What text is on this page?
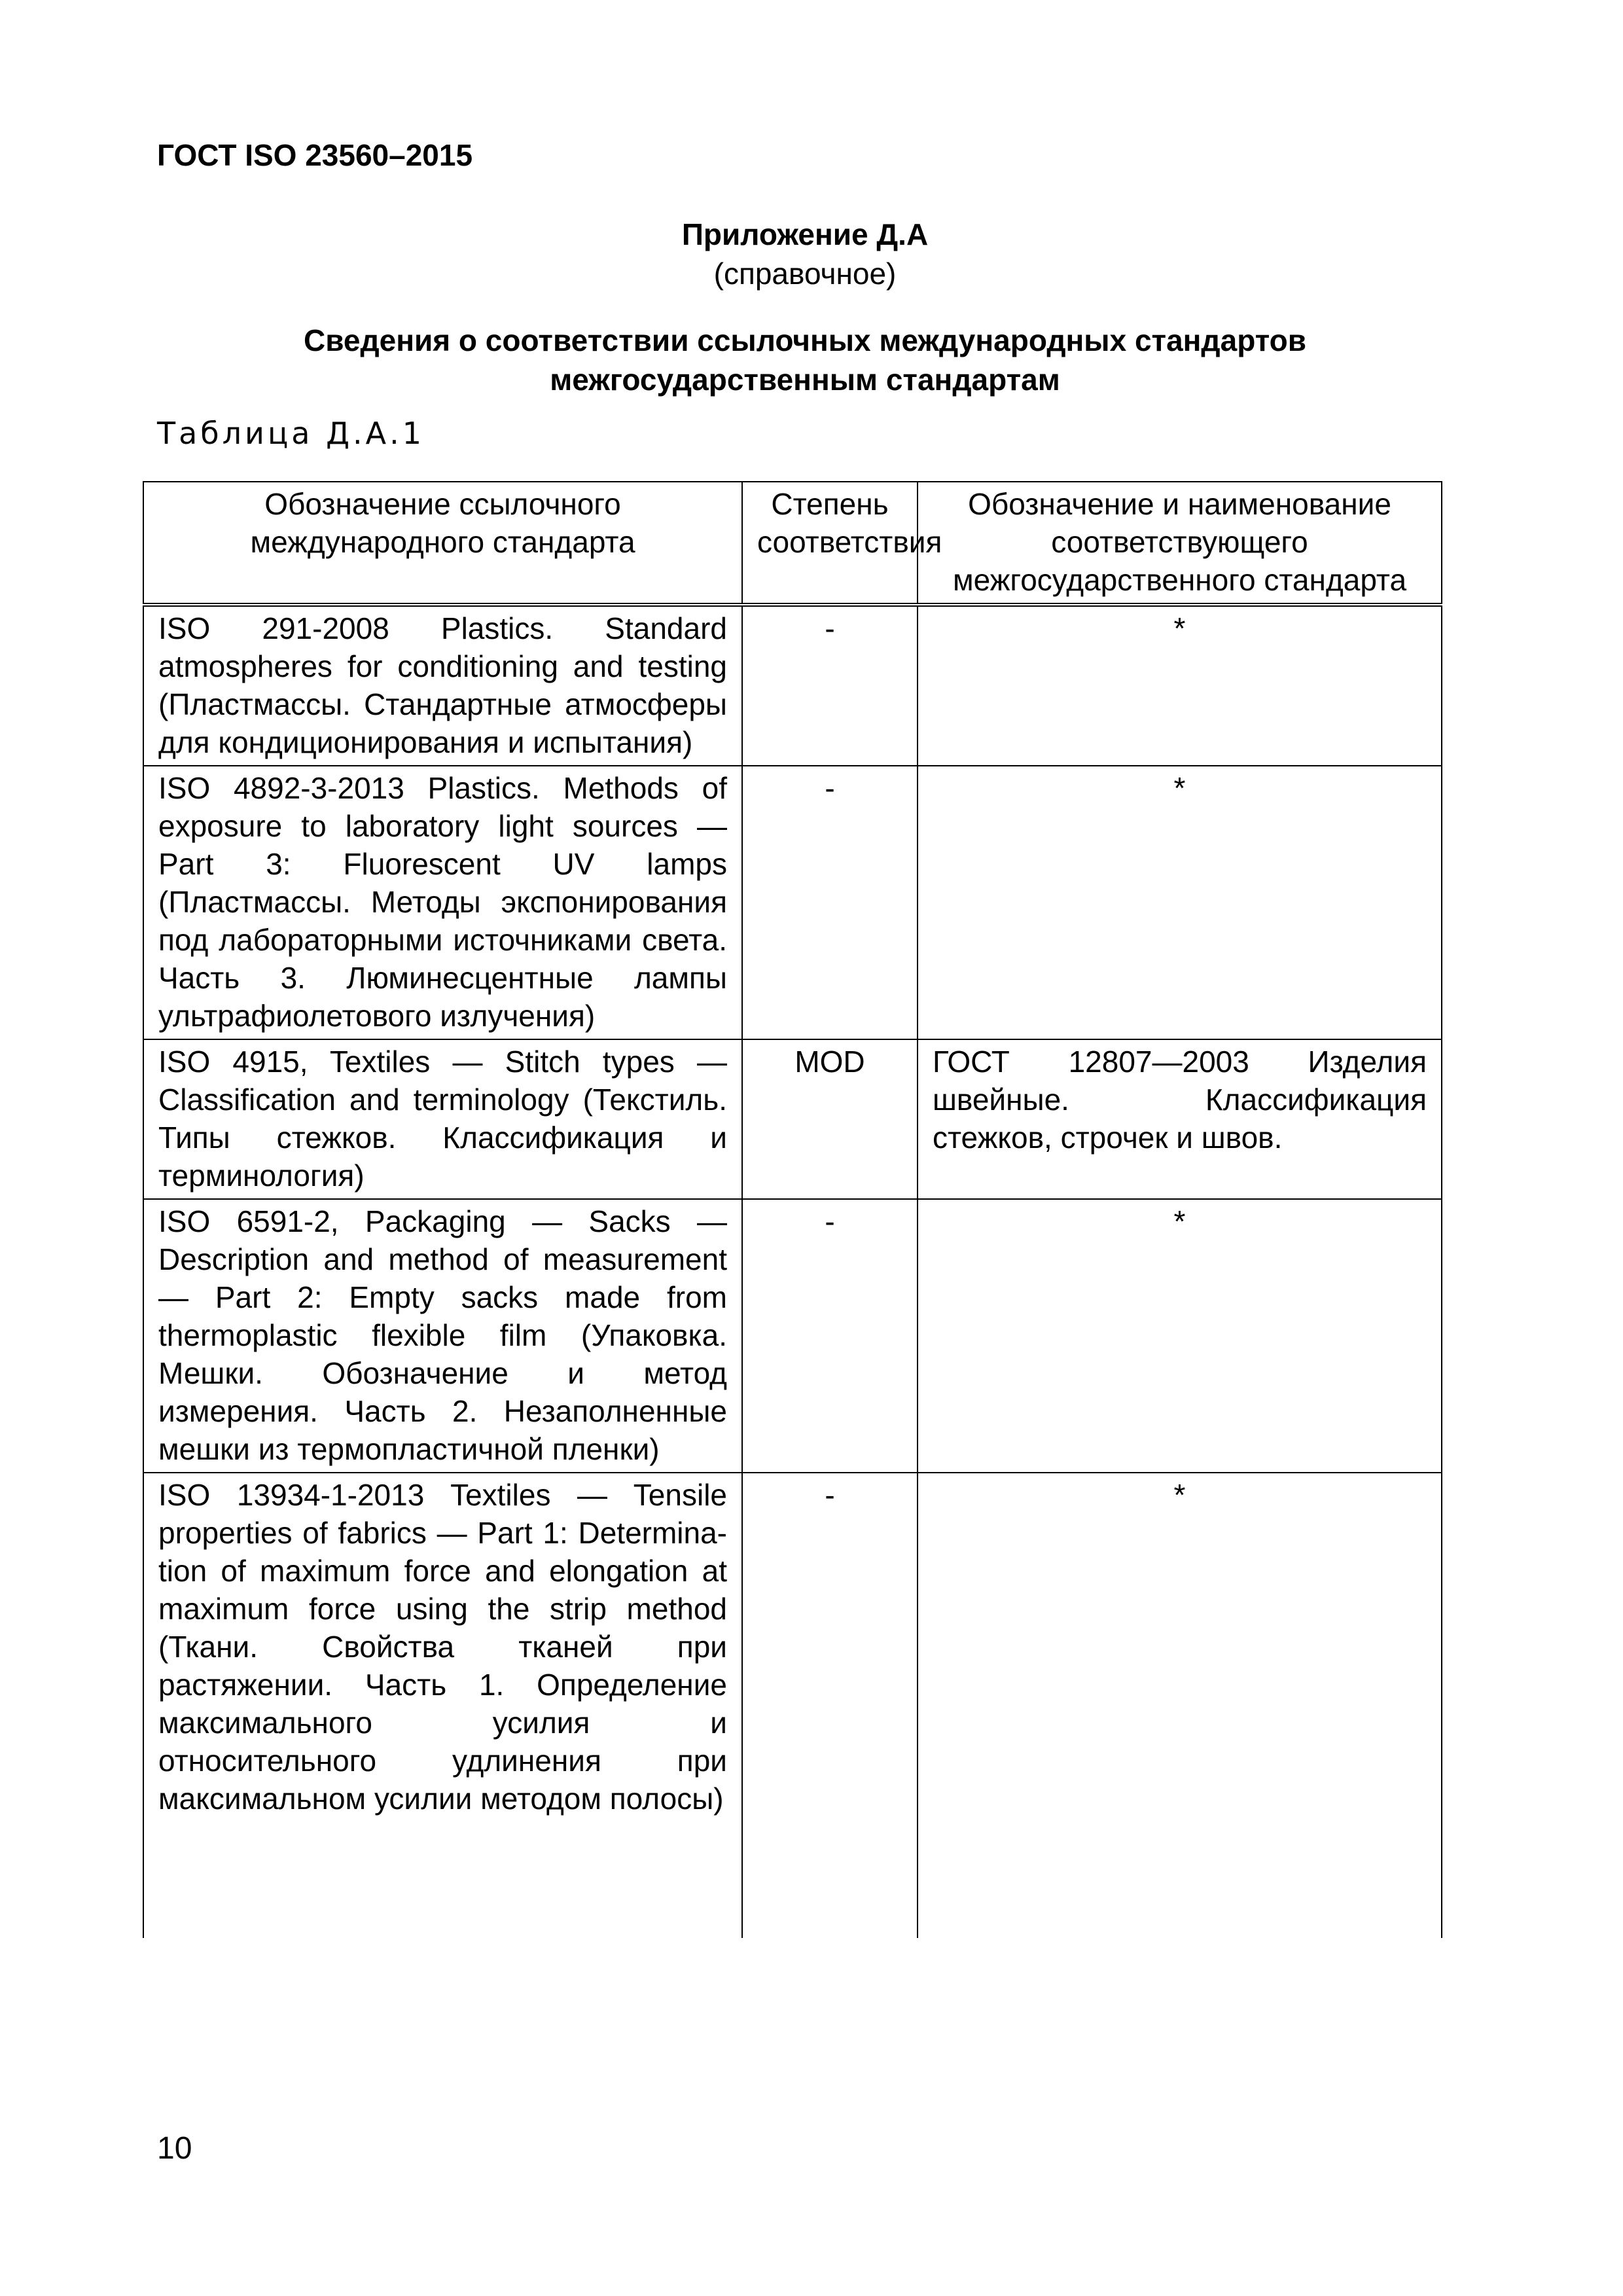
ГОСТ ISO 23560–2015
Приложение Д.А
(справочное)
Сведения о соответствии ссылочных международных стандартов межгосударственным стандартам
Таблица Д.А.1
Обозначение ссылочного международного стандарта	Степень соответствия	Обозначение и наименование соответствующего межгосударственного стандарта
ISO 291-2008 Plastics. Standard atmospheres for conditioning and testing (Пластмассы. Стандартные атмосферы для кондиционирования и испытания)	-	*
ISO 4892-3-2013 Plastics. Methods of exposure to laboratory light sources — Part 3: Fluorescent UV lamps (Пластмассы. Методы экспонирования под лабораторными источниками света. Часть 3. Люминесцентные лампы ультрафиолетового излучения)	-	*
ISO 4915, Textiles — Stitch types — Classification and terminology (Текстиль. Типы стежков. Классификация и терминология)	MOD	ГОСТ 12807—2003 Изделия швейные. Классификация стежков, строчек и швов.
ISO 6591-2, Packaging — Sacks — Description and method of measurement — Part 2: Empty sacks made from thermoplastic flexible film (Упаковка. Мешки. Обозначение и метод измерения. Часть 2. Незаполненные мешки из термопластичной пленки)	-	*
ISO 13934-1-2013 Textiles — Tensile properties of fabrics — Part 1: Determina-tion of maximum force and elongation at maximum force using the strip method (Ткани. Свойства тканей при растяжении. Часть 1. Определение максимального усилия и относительного удлинения при максимальном усилии методом полосы)	-	*
10
